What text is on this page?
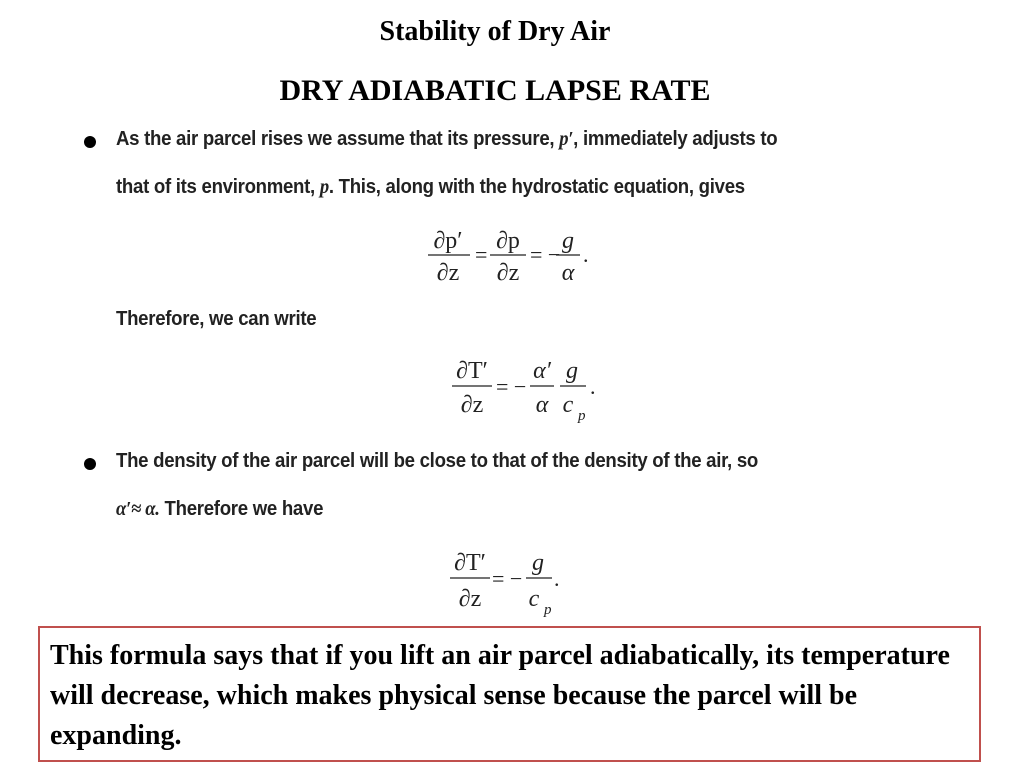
Stability of Dry Air
DRY ADIABATIC LAPSE RATE
As the air parcel rises we assume that its pressure, p′, immediately adjusts to
that of its environment, p. This, along with the hydrostatic equation, gives
∂p′
∂z
=
∂p
∂z
= −
g
α
.
Therefore, we can write
∂T′
∂z
= −
α′
α
g
c p
.
The density of the air parcel will be close to that of the density of the air, so
α′≈ α. Therefore we have
∂T′
∂z
= −
g
c p
.
This formula says that if you lift an air parcel adiabatically, its temperature will decrease, which makes physical sense because the parcel will be expanding.
